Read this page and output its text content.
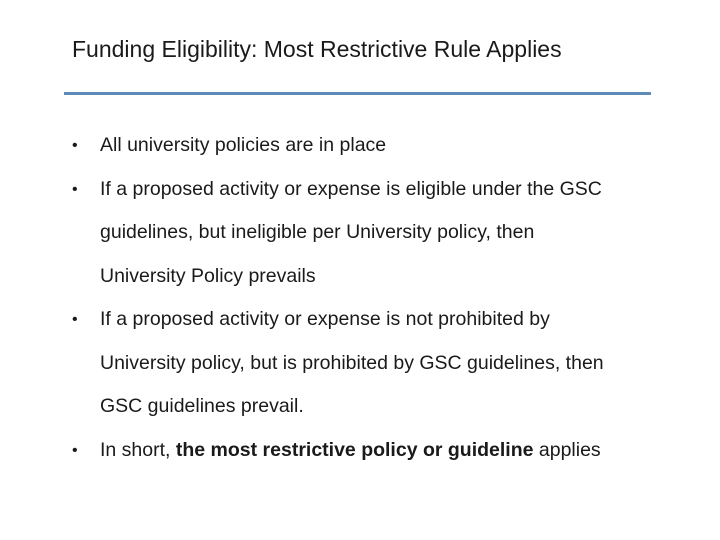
Funding Eligibility: Most Restrictive Rule Applies
•	All university policies are in place
•	If a proposed activity or expense is eligible under the GSC
guidelines, but ineligible per University policy, then
University Policy prevails
•	If a proposed activity or expense is not prohibited by
University policy, but is prohibited by GSC guidelines, then
GSC guidelines prevail.
•	In short, the most restrictive policy or guideline applies
